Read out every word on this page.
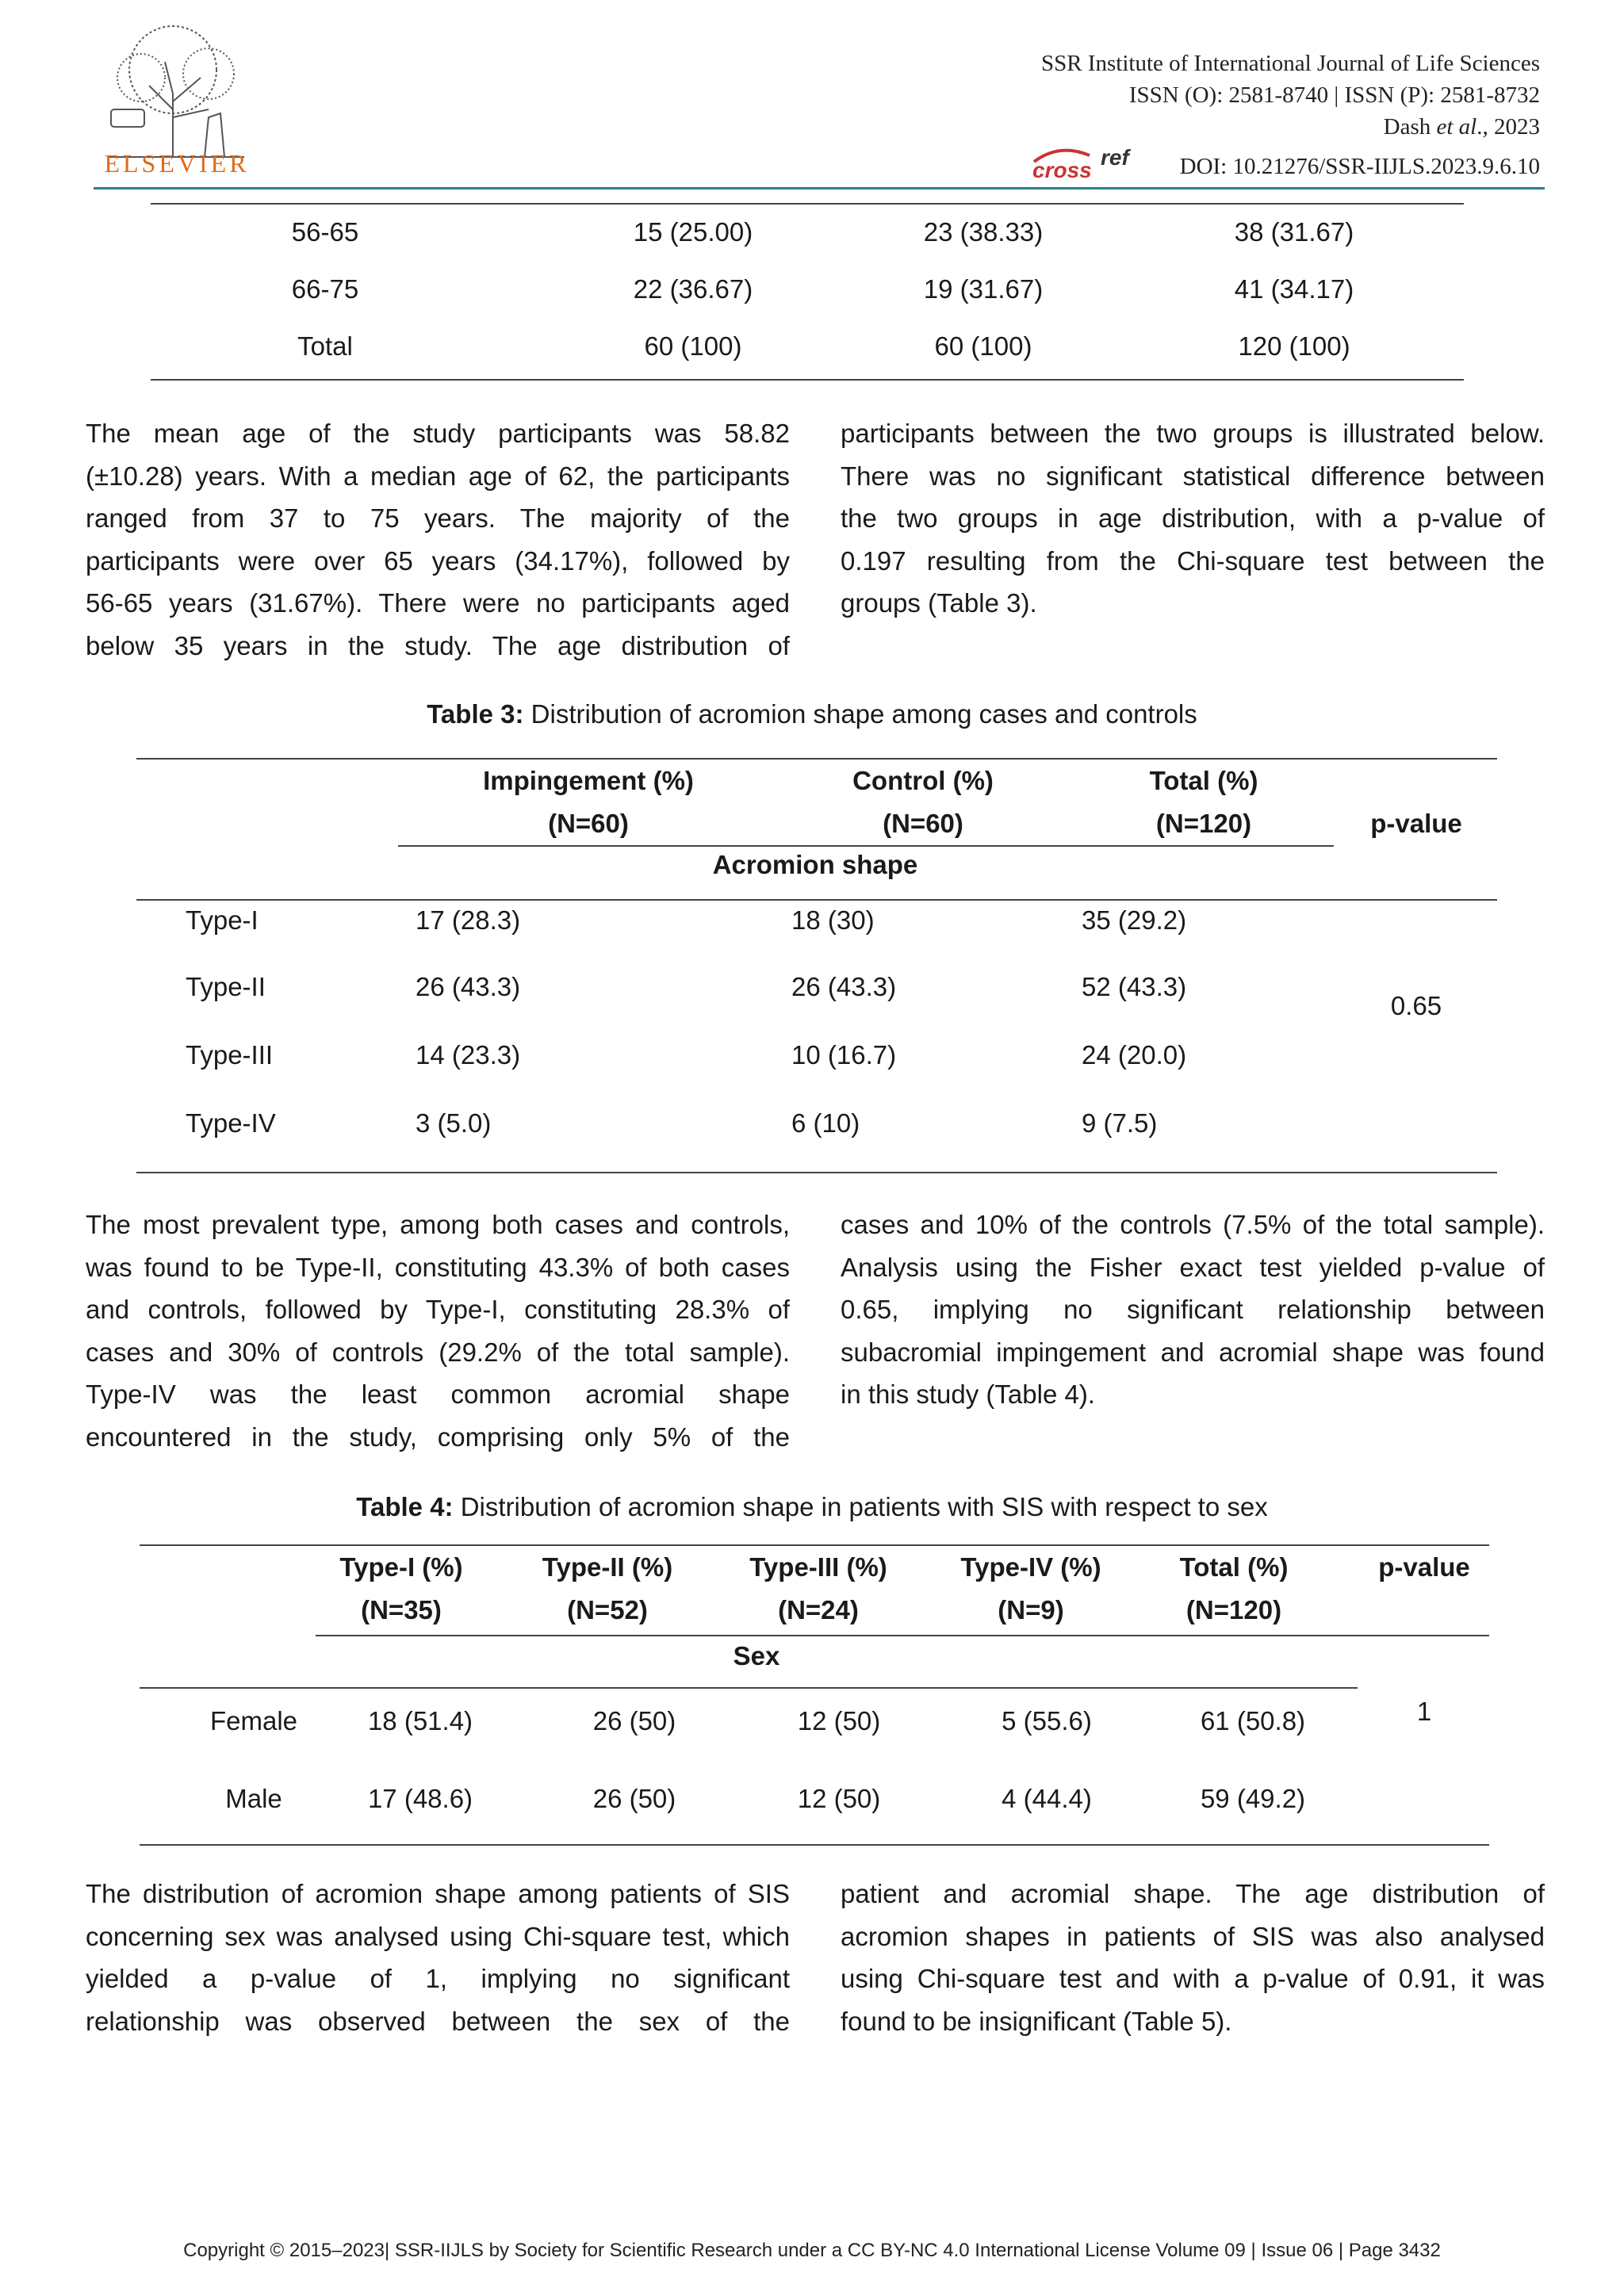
ELSEVIER
SSR Institute of International Journal of Life Sciences
ISSN (O): 2581-8740 | ISSN (P): 2581-8732
Dash et al., 2023
cross
ref DOI: 10.21276/SSR-IIJLS.2023.9.6.10
56-65	15 (25.00)	23 (38.33)	38 (31.67)
66-75	22 (36.67)	19 (31.67)	41 (34.17)
Total	60 (100)	60 (100)	120 (100)
The mean age of the study participants was 58.82
(±10.28) years. With a median age of 62, the participants
ranged from 37 to 75 years. The majority of the
participants were over 65 years (34.17%), followed by
56-65 years (31.67%). There were no participants aged
below 35 years in the study. The age distribution of
participants between the two groups is illustrated below.
There was no significant statistical difference between
the two groups in age distribution, with a p-value of
0.197 resulting from the Chi-square test between the
groups (Table 3).
Table 3: Distribution of acromion shape among cases and controls
Impingement (%)
(N=60)
Control (%)
(N=60)
Total (%)
(N=120)	p-value
Acromion shape
Type-I	17 (28.3)	18 (30)	35 (29.2)
Type-II	26 (43.3)	26 (43.3)	52 (43.3)
Type-III	14 (23.3)	10 (16.7)	24 (20.0)
Type-IV	3 (5.0)	6 (10)	9 (7.5)
0.65
The most prevalent type, among both cases and controls,
was found to be Type-II, constituting 43.3% of both cases
and controls, followed by Type-I, constituting 28.3% of
cases and 30% of controls (29.2% of the total sample).
Type-IV was the least common acromial shape
encountered in the study, comprising only 5% of the
cases and 10% of the controls (7.5% of the total sample).
Analysis using the Fisher exact test yielded p-value of
0.65, implying no significant relationship between
subacromial impingement and acromial shape was found
in this study (Table 4).
Table 4: Distribution of acromion shape in patients with SIS with respect to sex
Type-I (%)
(N=35)
Type-II (%)
(N=52)
Type-III (%)
(N=24)
Type-IV (%)
(N=9)
Total (%)
(N=120)
p-value
Sex
Female	18 (51.4)	26 (50)	12 (50)	5 (55.6)	61 (50.8)
Male	17 (48.6)	26 (50)	12 (50)	4 (44.4)	59 (49.2)
1
The distribution of acromion shape among patients of SIS
concerning sex was analysed using Chi-square test, which
yielded a p-value of 1, implying no significant
relationship was observed between the sex of the
patient and acromial shape. The age distribution of
acromion shapes in patients of SIS was also analysed
using Chi-square test and with a p-value of 0.91, it was
found to be insignificant (Table 5).
Copyright © 2015–2023| SSR-IIJLS by Society for Scientific Research under a CC BY-NC 4.0 International License Volume 09 | Issue 06 | Page 3432
